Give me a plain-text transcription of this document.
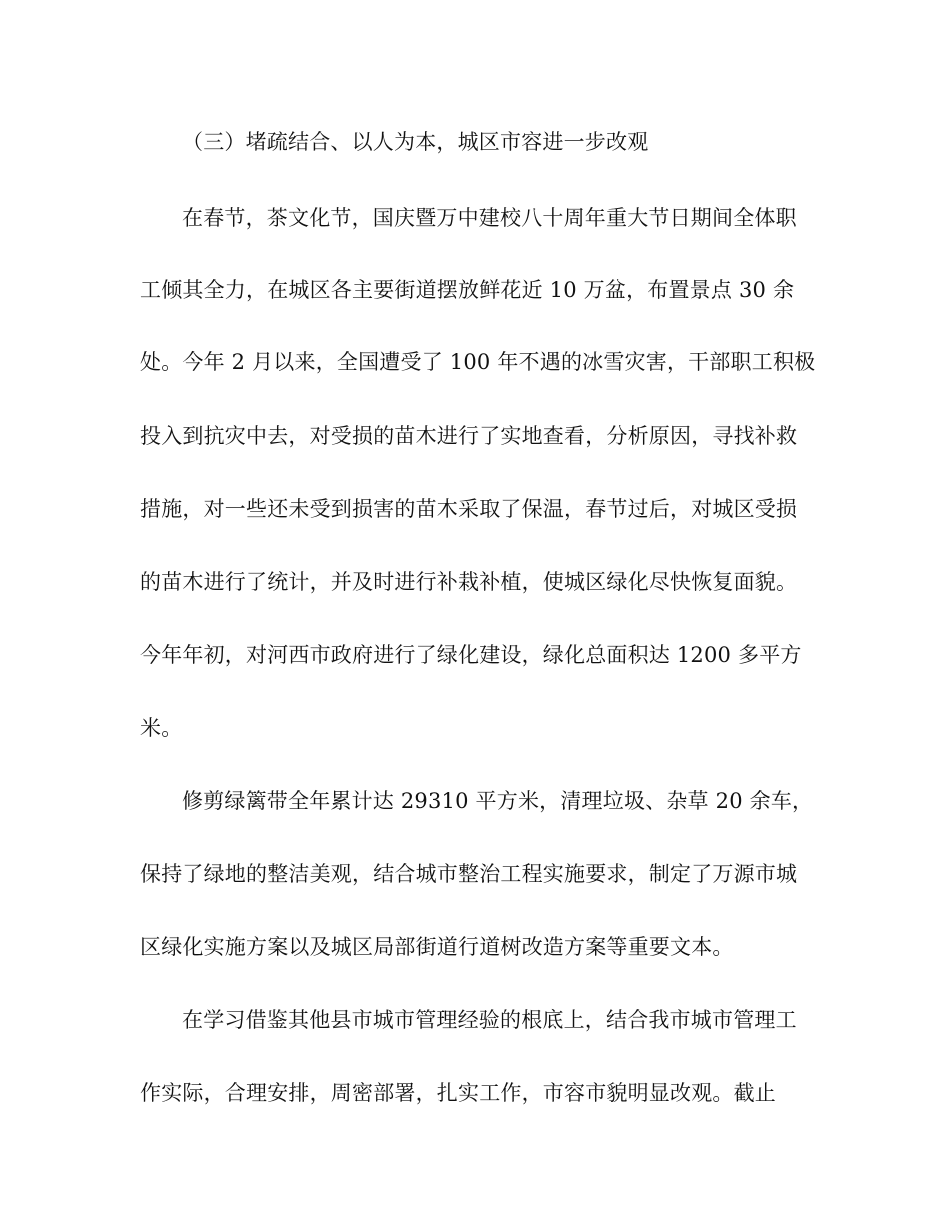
（三）堵疏结合、以人为本，城区市容进一步改观
在春节，茶文化节，国庆暨万中建校八十周年重大节日期间全体职
工倾其全力，在城区各主要街道摆放鲜花近 10 万盆，布置景点 30 余
处。今年 2 月以来，全国遭受了 100 年不遇的冰雪灾害，干部职工积极
投入到抗灾中去，对受损的苗木进行了实地查看，分析原因，寻找补救
措施，对一些还未受到损害的苗木采取了保温，春节过后，对城区受损
的苗木进行了统计，并及时进行补栽补植，使城区绿化尽快恢复面貌。
今年年初，对河西市政府进行了绿化建设，绿化总面积达 1200 多平方
米。
修剪绿篱带全年累计达 29310 平方米，清理垃圾、杂草 20 余车，
保持了绿地的整洁美观，结合城市整治工程实施要求，制定了万源市城
区绿化实施方案以及城区局部街道行道树改造方案等重要文本。
在学习借鉴其他县市城市管理经验的根底上，结合我市城市管理工
作实际，合理安排，周密部署，扎实工作，市容市貌明显改观。截止
